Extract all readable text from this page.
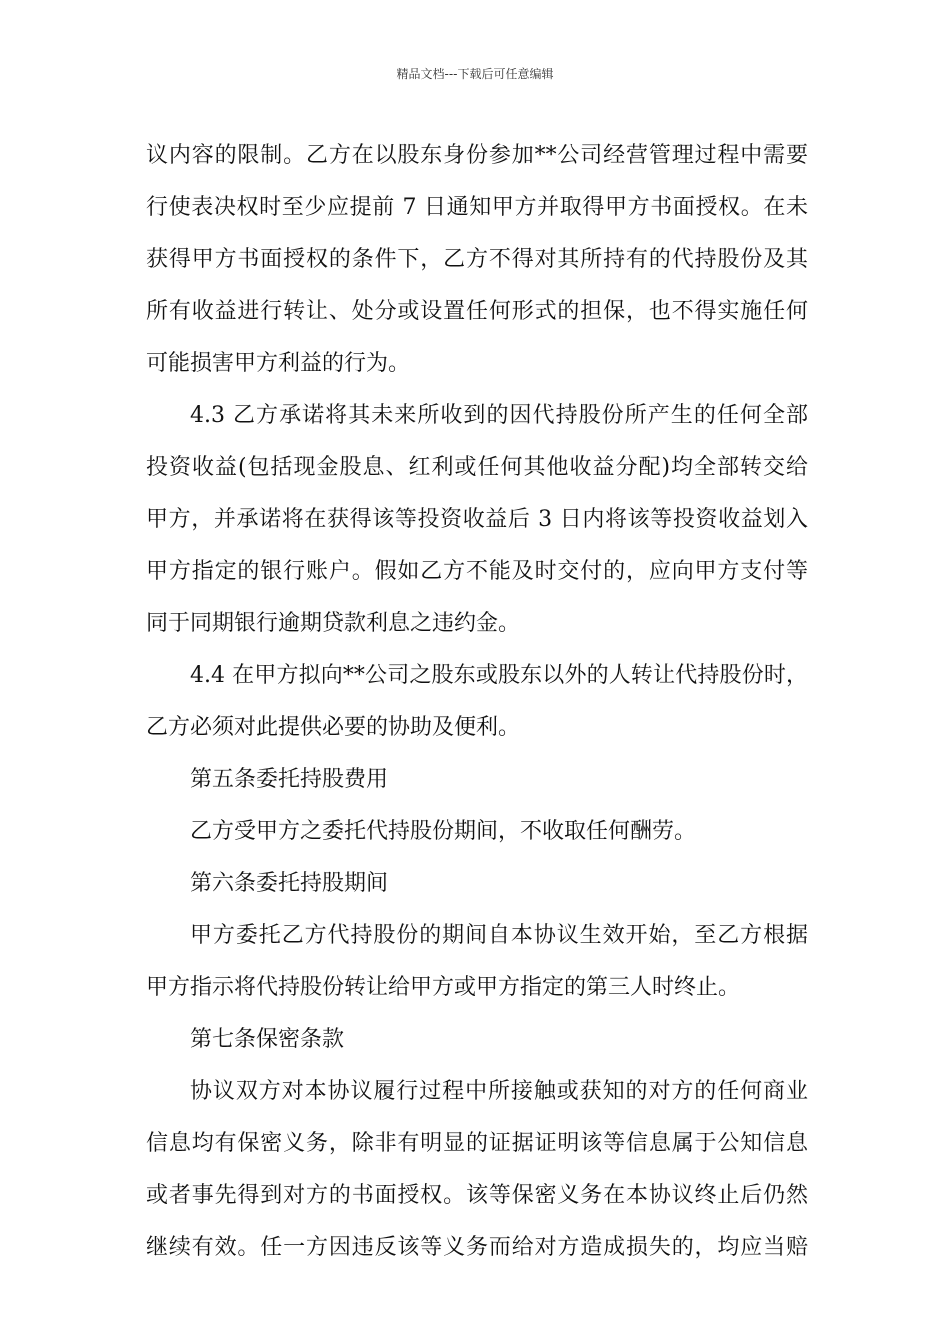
精品文档---下载后可任意编辑
议内容的限制。乙方在以股东身份参加**公司经营管理过程中需要
行使表决权时至少应提前 7 日通知甲方并取得甲方书面授权。在未
获得甲方书面授权的条件下，乙方不得对其所持有的代持股份及其
所有收益进行转让、处分或设置任何形式的担保，也不得实施任何
可能损害甲方利益的行为。
4.3 乙方承诺将其未来所收到的因代持股份所产生的任何全部
投资收益(包括现金股息、红利或任何其他收益分配)均全部转交给
甲方，并承诺将在获得该等投资收益后 3 日内将该等投资收益划入
甲方指定的银行账户。假如乙方不能及时交付的，应向甲方支付等
同于同期银行逾期贷款利息之违约金。
4.4 在甲方拟向**公司之股东或股东以外的人转让代持股份时，
乙方必须对此提供必要的协助及便利。
第五条委托持股费用
乙方受甲方之委托代持股份期间，不收取任何酬劳。
第六条委托持股期间
甲方委托乙方代持股份的期间自本协议生效开始，至乙方根据
甲方指示将代持股份转让给甲方或甲方指定的第三人时终止。
第七条保密条款
协议双方对本协议履行过程中所接触或获知的对方的任何商业
信息均有保密义务，除非有明显的证据证明该等信息属于公知信息
或者事先得到对方的书面授权。该等保密义务在本协议终止后仍然
继续有效。任一方因违反该等义务而给对方造成损失的，均应当赔
